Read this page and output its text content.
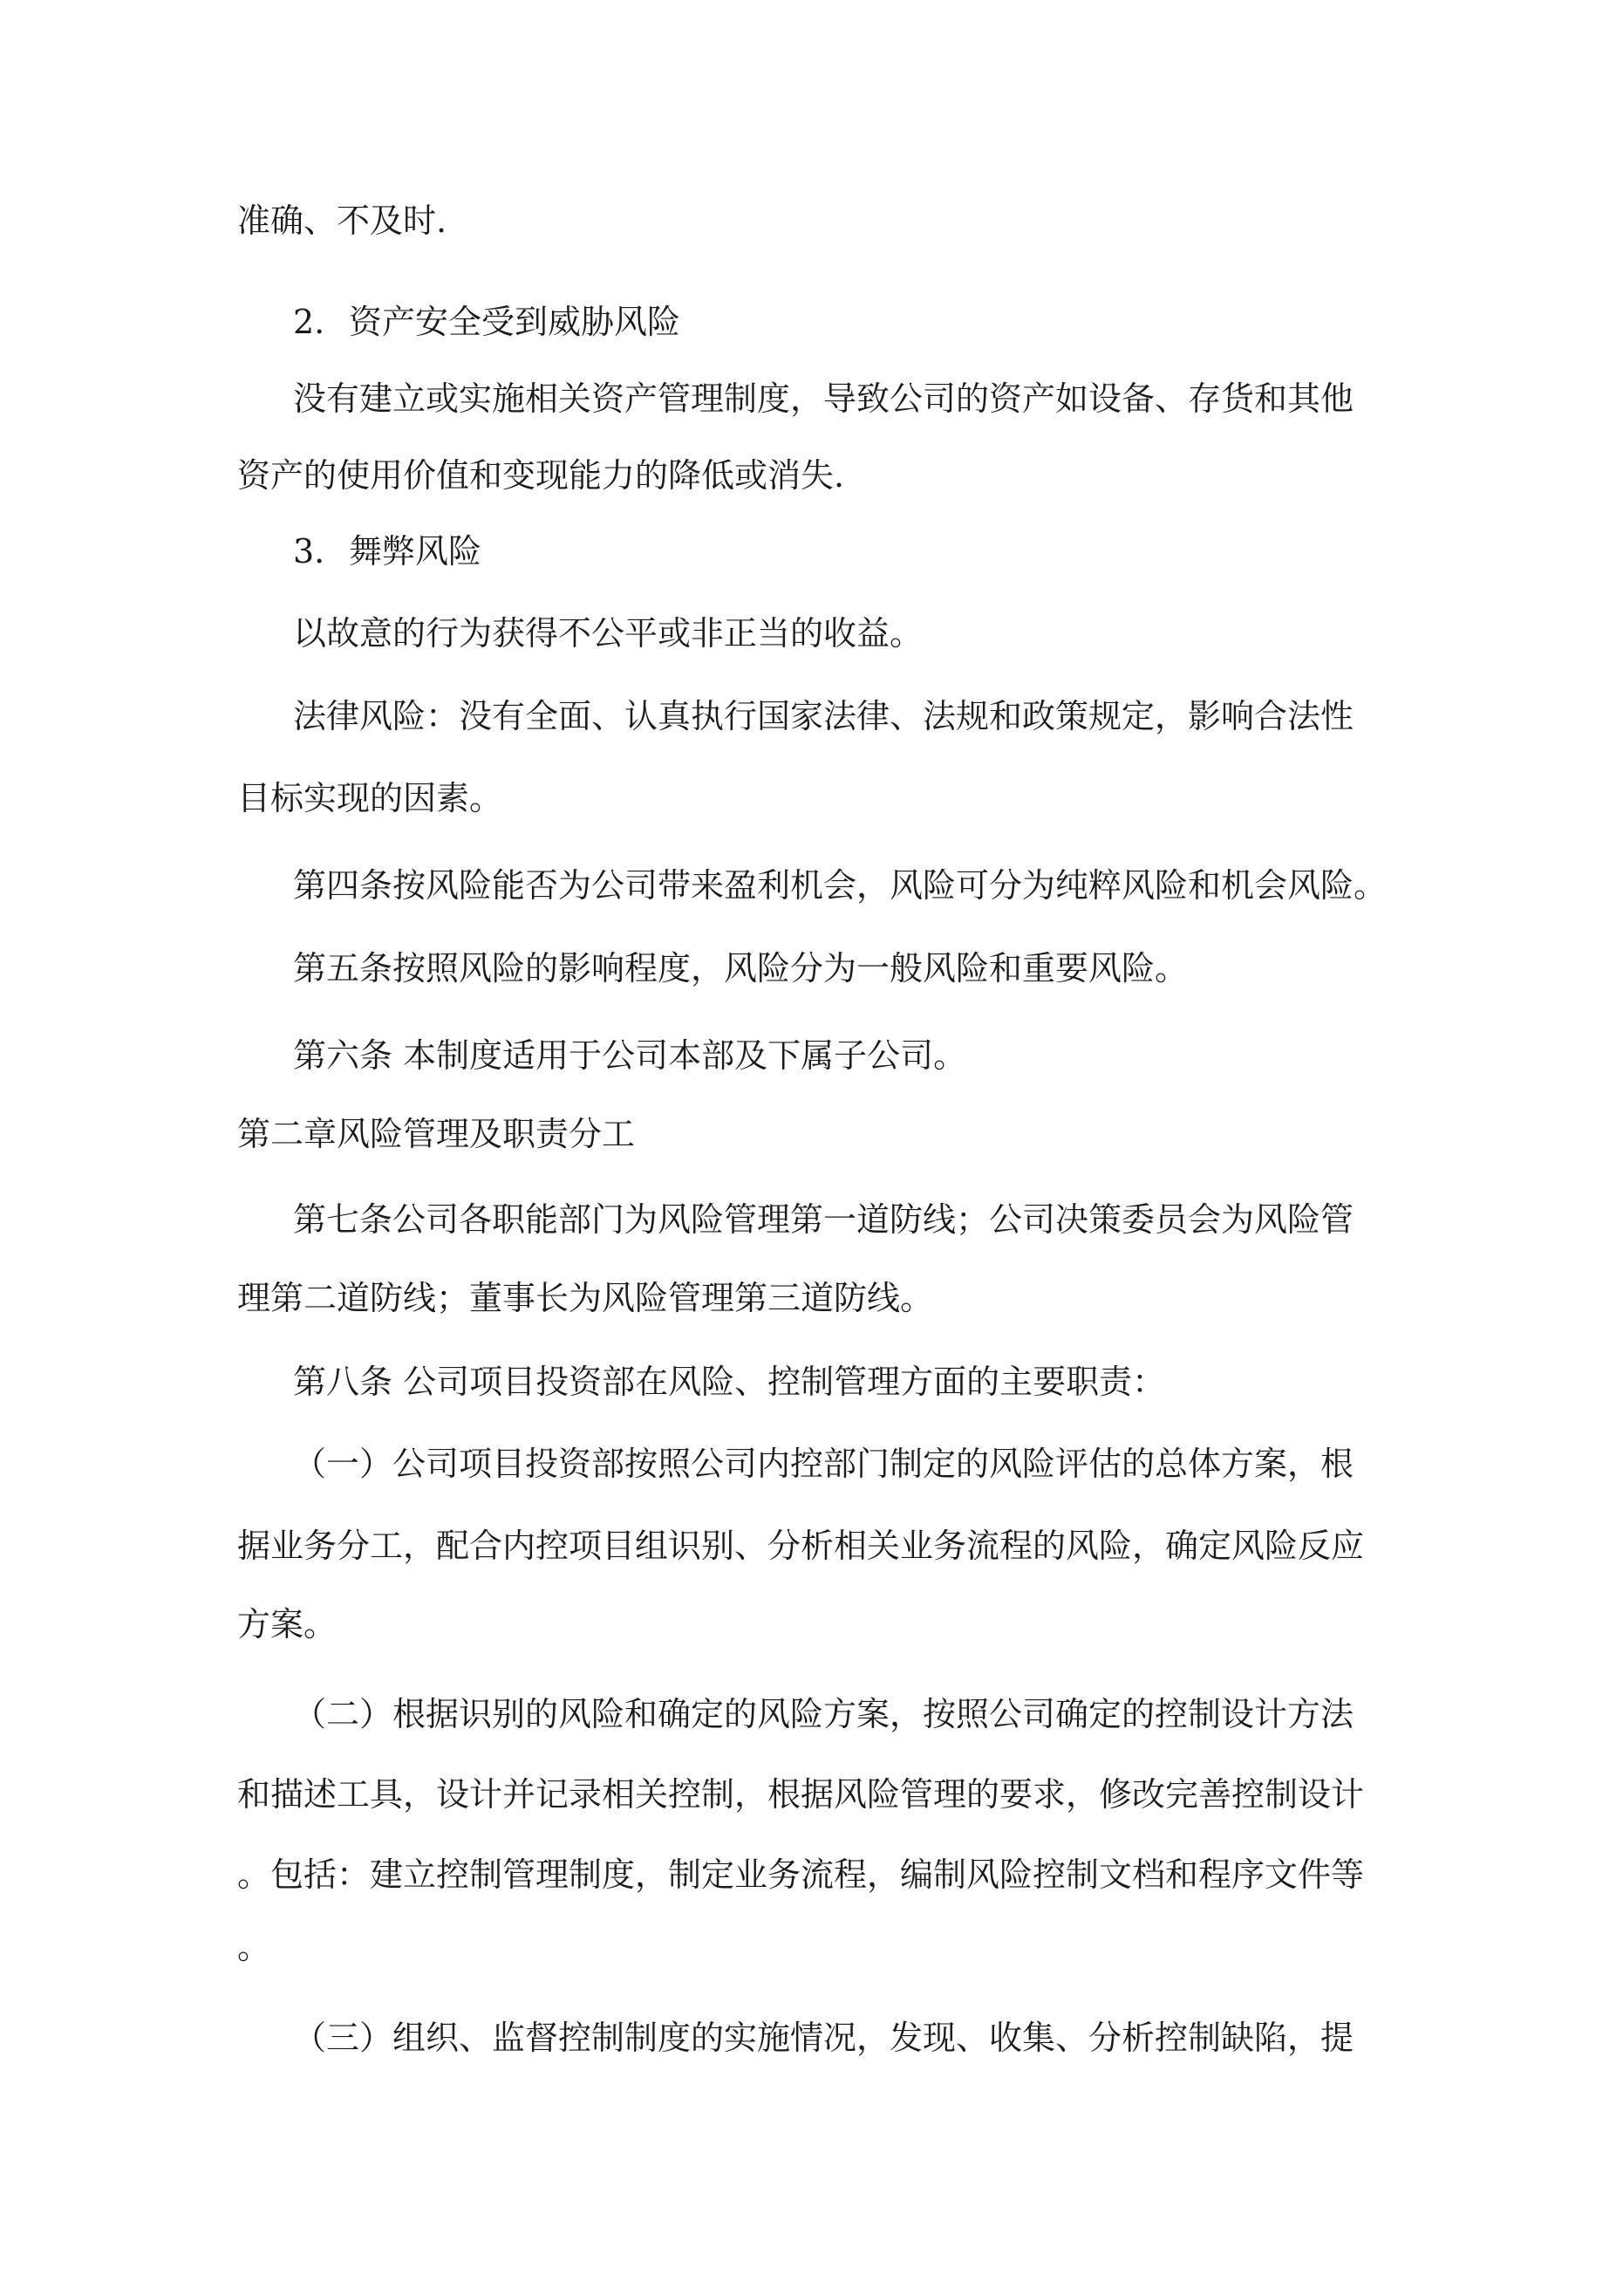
准确、不及时.
2. 资产安全受到威胁风险
没有建立或实施相关资产管理制度，导致公司的资产如设备、存货和其他
资产的使用价值和变现能力的降低或消失.
3. 舞弊风险
以故意的行为获得不公平或非正当的收益。
法律风险：没有全面、认真执行国家法律、法规和政策规定，影响合法性
目标实现的因素。
第四条按风险能否为公司带来盈利机会，风险可分为纯粹风险和机会风险。
第五条按照风险的影响程度，风险分为一般风险和重要风险。
第六条 本制度适用于公司本部及下属子公司。
第二章风险管理及职责分工
第七条公司各职能部门为风险管理第一道防线；公司决策委员会为风险管
理第二道防线；董事长为风险管理第三道防线。
第八条 公司项目投资部在风险、控制管理方面的主要职责：
（一）公司项目投资部按照公司内控部门制定的风险评估的总体方案，根
据业务分工，配合内控项目组识别、分析相关业务流程的风险，确定风险反应
方案。
（二）根据识别的风险和确定的风险方案，按照公司确定的控制设计方法
和描述工具，设计并记录相关控制，根据风险管理的要求，修改完善控制设计
。包括：建立控制管理制度，制定业务流程，编制风险控制文档和程序文件等
。
（三）组织、监督控制制度的实施情况，发现、收集、分析控制缺陷，提
